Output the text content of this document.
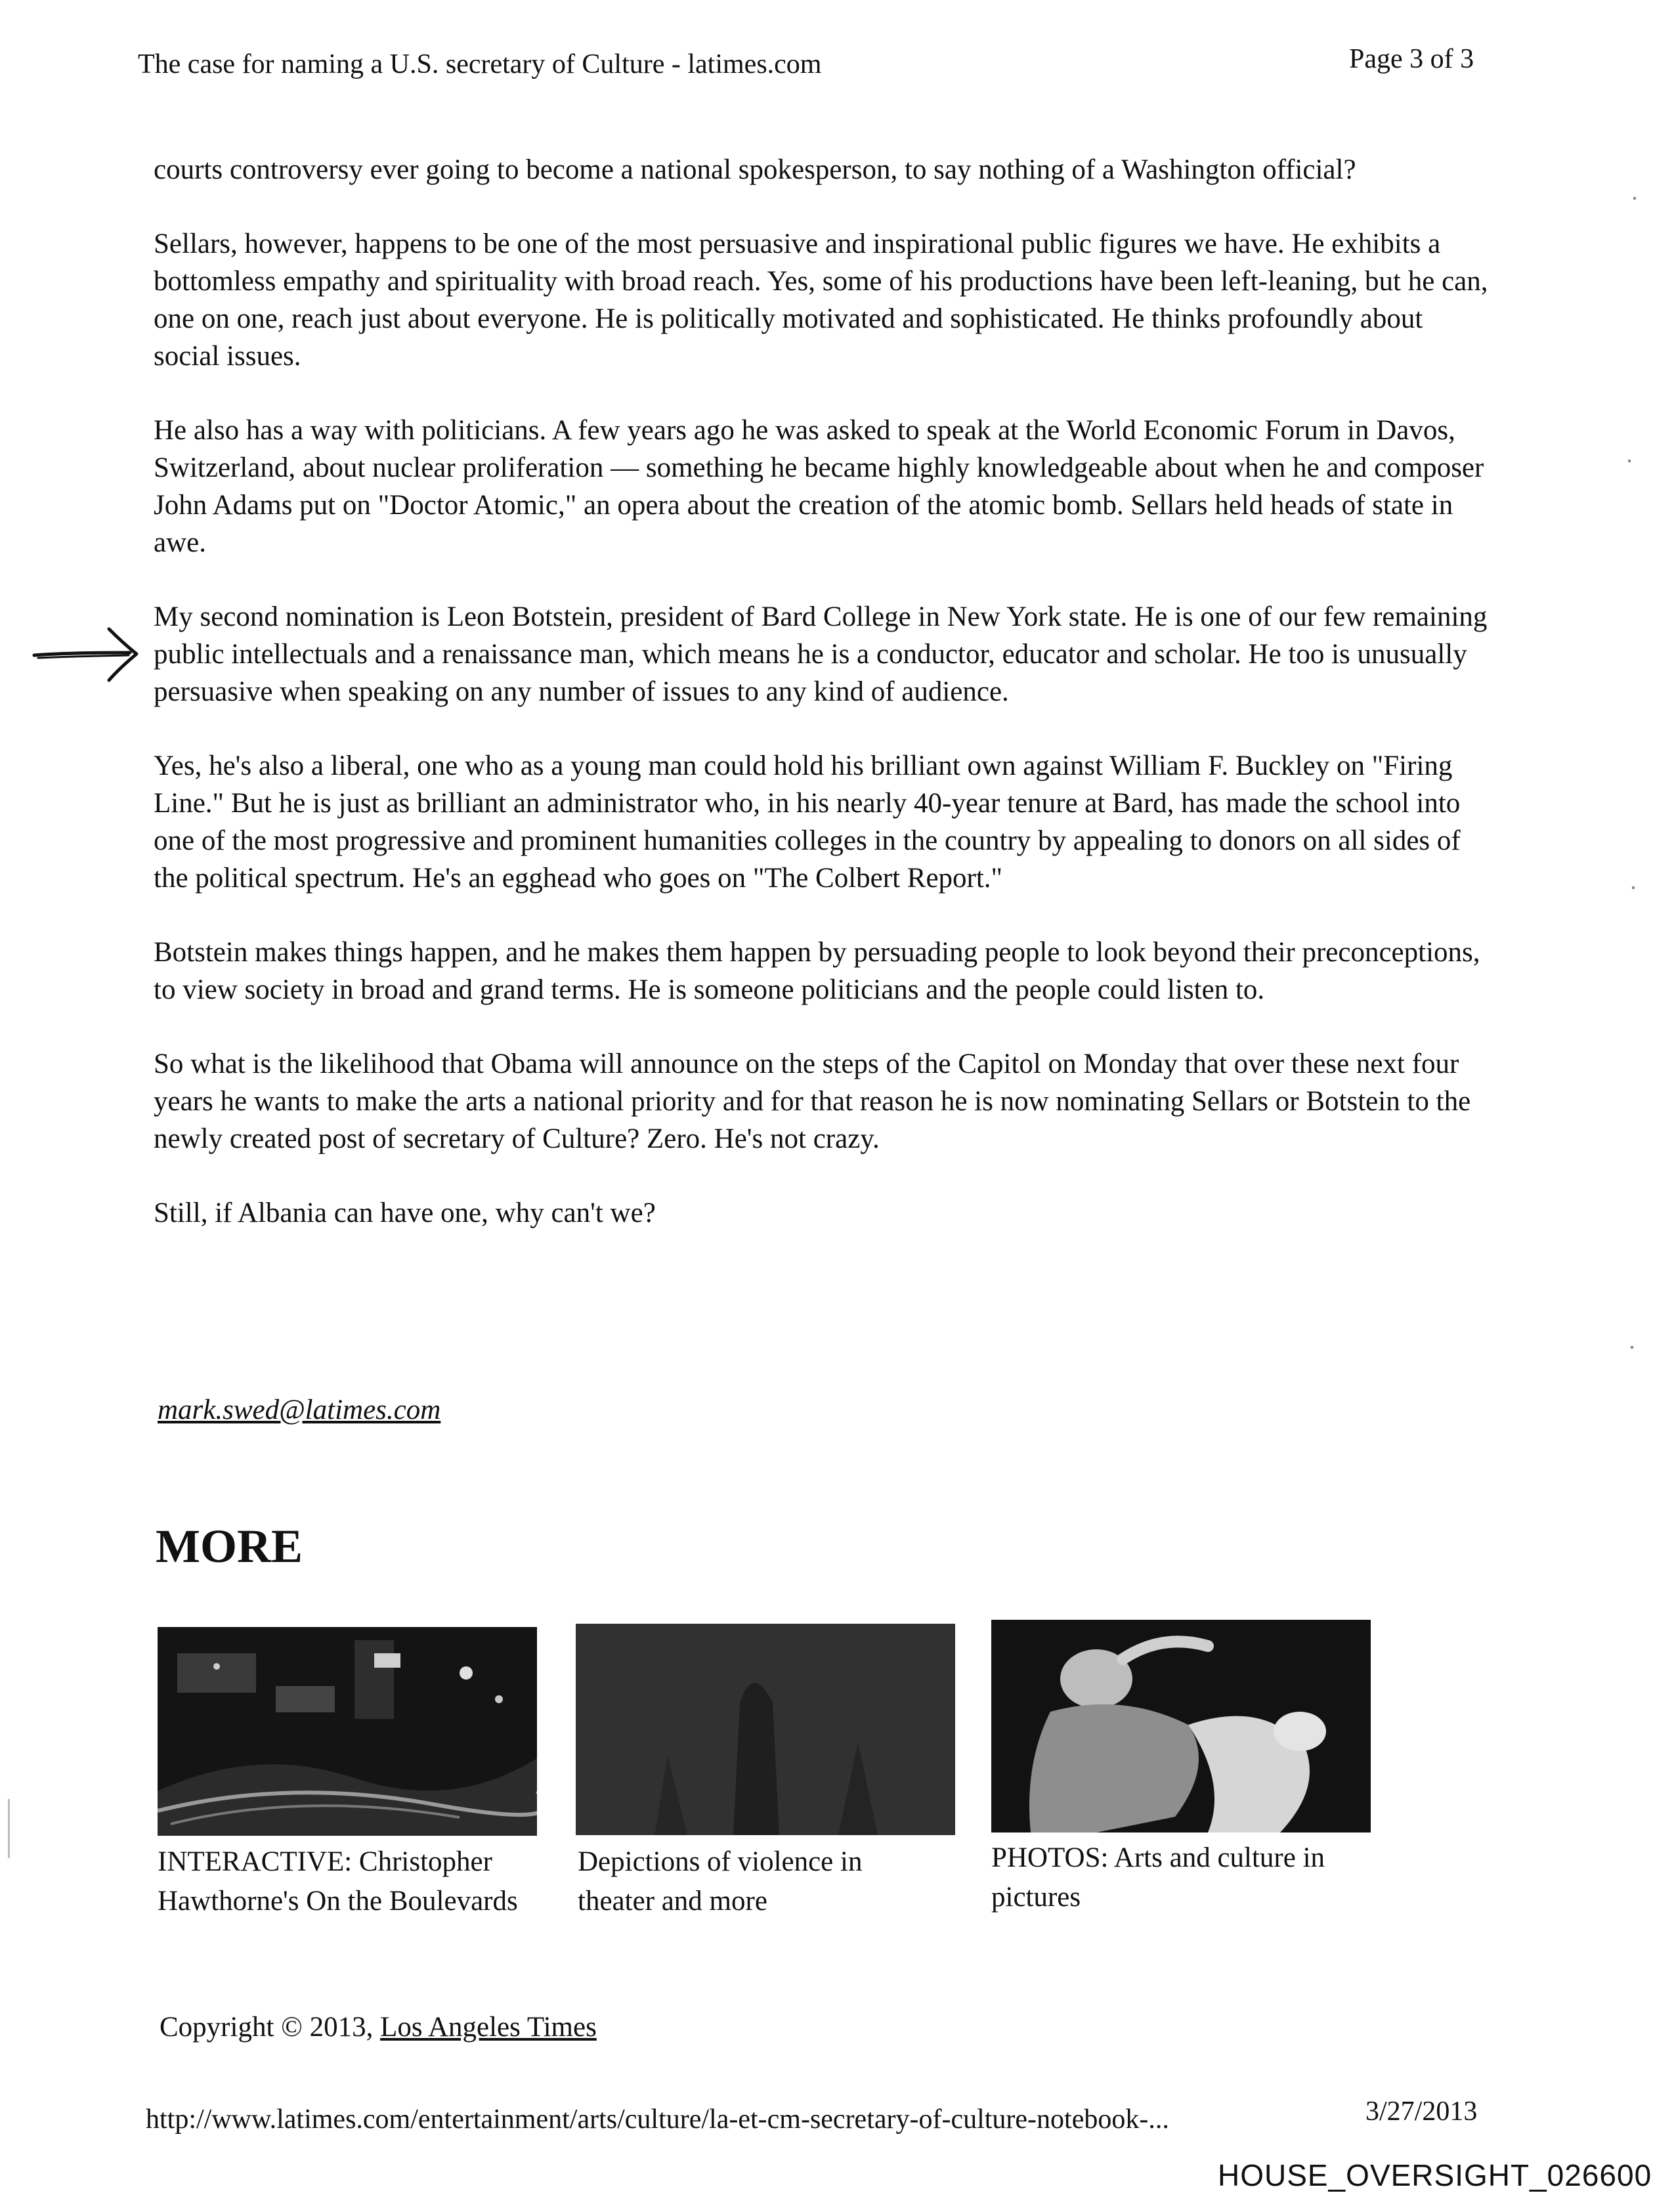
The case for naming a U.S. secretary of Culture - latimes.com	Page 3 of 3

courts controversy ever going to become a national spokesperson, to say nothing of a Washington official?

Sellars, however, happens to be one of the most persuasive and inspirational public figures we have. He exhibits a bottomless empathy and spirituality with broad reach. Yes, some of his productions have been left-leaning, but he can, one on one, reach just about everyone. He is politically motivated and sophisticated. He thinks profoundly about social issues.

He also has a way with politicians. A few years ago he was asked to speak at the World Economic Forum in Davos, Switzerland, about nuclear proliferation — something he became highly knowledgeable about when he and composer John Adams put on "Doctor Atomic," an opera about the creation of the atomic bomb. Sellars held heads of state in awe.

My second nomination is Leon Botstein, president of Bard College in New York state. He is one of our few remaining public intellectuals and a renaissance man, which means he is a conductor, educator and scholar. He too is unusually persuasive when speaking on any number of issues to any kind of audience.

Yes, he's also a liberal, one who as a young man could hold his brilliant own against William F. Buckley on "Firing Line." But he is just as brilliant an administrator who, in his nearly 40-year tenure at Bard, has made the school into one of the most progressive and prominent humanities colleges in the country by appealing to donors on all sides of the political spectrum. He's an egghead who goes on "The Colbert Report."

Botstein makes things happen, and he makes them happen by persuading people to look beyond their preconceptions, to view society in broad and grand terms. He is someone politicians and the people could listen to.

So what is the likelihood that Obama will announce on the steps of the Capitol on Monday that over these next four years he wants to make the arts a national priority and for that reason he is now nominating Sellars or Botstein to the newly created post of secretary of Culture? Zero. He's not crazy.

Still, if Albania can have one, why can't we?

mark.swed@latimes.com
MORE
INTERACTIVE: Christopher Hawthorne's On the Boulevards
Depictions of violence in theater and more
PHOTOS: Arts and culture in pictures
Copyright © 2013, Los Angeles Times
http://www.latimes.com/entertainment/arts/culture/la-et-cm-secretary-of-culture-notebook-...	3/27/2013
HOUSE_OVERSIGHT_026600
